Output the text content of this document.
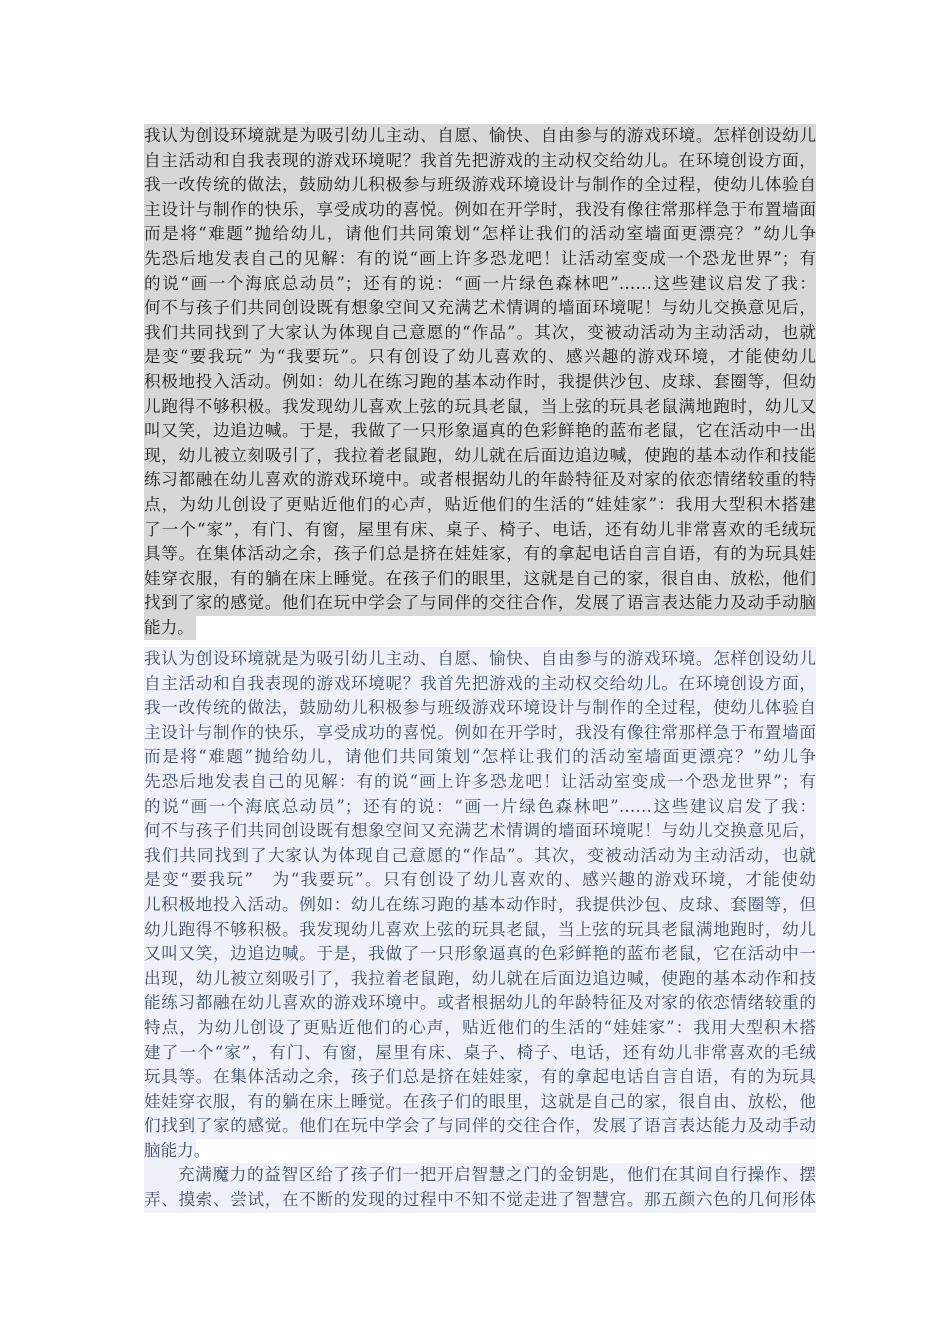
我认为创设环境就是为吸引幼儿主动、自愿、愉快、自由参与的游戏环境。怎样创设幼儿
自主活动和自我表现的游戏环境呢？我首先把游戏的主动权交给幼儿。在环境创设方面，
我一改传统的做法，鼓励幼儿积极参与班级游戏环境设计与制作的全过程，使幼儿体验自
主设计与制作的快乐，享受成功的喜悦。例如在开学时，我没有像往常那样急于布置墙面
而是将“难题”抛给幼儿，请他们共同策划“怎样让我们的活动室墙面更漂亮？”幼儿争
先恐后地发表自己的见解：有的说“画上许多恐龙吧！让活动室变成一个恐龙世界”；有
的说“画一个海底总动员”；还有的说：“画一片绿色森林吧”……这些建议启发了我：
何不与孩子们共同创设既有想象空间又充满艺术情调的墙面环境呢！与幼儿交换意见后，
我们共同找到了大家认为体现自己意愿的“作品”。其次，变被动活动为主动活动，也就
是变“要我玩” 为“我要玩”。只有创设了幼儿喜欢的、感兴趣的游戏环境，才能使幼儿
积极地投入活动。例如：幼儿在练习跑的基本动作时，我提供沙包、皮球、套圈等，但幼
儿跑得不够积极。我发现幼儿喜欢上弦的玩具老鼠，当上弦的玩具老鼠满地跑时，幼儿又
叫又笑，边追边喊。于是，我做了一只形象逼真的色彩鲜艳的蓝布老鼠，它在活动中一出
现，幼儿被立刻吸引了，我拉着老鼠跑，幼儿就在后面边追边喊，使跑的基本动作和技能
练习都融在幼儿喜欢的游戏环境中。或者根据幼儿的年龄特征及对家的依恋情绪较重的特
点，为幼儿创设了更贴近他们的心声，贴近他们的生活的“娃娃家”：我用大型积木搭建
了一个“家”，有门、有窗，屋里有床、桌子、椅子、电话，还有幼儿非常喜欢的毛绒玩
具等。在集体活动之余，孩子们总是挤在娃娃家，有的拿起电话自言自语，有的为玩具娃
娃穿衣服，有的躺在床上睡觉。在孩子们的眼里，这就是自己的家，很自由、放松，他们
找到了家的感觉。他们在玩中学会了与同伴的交往合作，发展了语言表达能力及动手动脑
能力。
我认为创设环境就是为吸引幼儿主动、自愿、愉快、自由参与的游戏环境。怎样创设幼儿
自主活动和自我表现的游戏环境呢？我首先把游戏的主动权交给幼儿。在环境创设方面，
我一改传统的做法，鼓励幼儿积极参与班级游戏环境设计与制作的全过程，使幼儿体验自
主设计与制作的快乐，享受成功的喜悦。例如在开学时，我没有像往常那样急于布置墙面
而是将“难题”抛给幼儿，请他们共同策划“怎样让我们的活动室墙面更漂亮？”幼儿争
先恐后地发表自己的见解：有的说“画上许多恐龙吧！让活动室变成一个恐龙世界”；有
的说“画一个海底总动员”；还有的说：“画一片绿色森林吧”……这些建议启发了我：
何不与孩子们共同创设既有想象空间又充满艺术情调的墙面环境呢！与幼儿交换意见后，
我们共同找到了大家认为体现自己意愿的“作品”。其次，变被动活动为主动活动，也就
是变“要我玩”　为“我要玩”。只有创设了幼儿喜欢的、感兴趣的游戏环境，才能使幼
儿积极地投入活动。例如：幼儿在练习跑的基本动作时，我提供沙包、皮球、套圈等，但
幼儿跑得不够积极。我发现幼儿喜欢上弦的玩具老鼠，当上弦的玩具老鼠满地跑时，幼儿
又叫又笑，边追边喊。于是，我做了一只形象逼真的色彩鲜艳的蓝布老鼠，它在活动中一
出现，幼儿被立刻吸引了，我拉着老鼠跑，幼儿就在后面边追边喊，使跑的基本动作和技
能练习都融在幼儿喜欢的游戏环境中。或者根据幼儿的年龄特征及对家的依恋情绪较重的
特点，为幼儿创设了更贴近他们的心声，贴近他们的生活的“娃娃家”：我用大型积木搭
建了一个“家”，有门、有窗，屋里有床、桌子、椅子、电话，还有幼儿非常喜欢的毛绒
玩具等。在集体活动之余，孩子们总是挤在娃娃家，有的拿起电话自言自语，有的为玩具
娃娃穿衣服，有的躺在床上睡觉。在孩子们的眼里，这就是自己的家，很自由、放松，他
们找到了家的感觉。他们在玩中学会了与同伴的交往合作，发展了语言表达能力及动手动
脑能力。
充满魔力的益智区给了孩子们一把开启智慧之门的金钥匙，他们在其间自行操作、摆
弄、摸索、尝试，在不断的发现的过程中不知不觉走进了智慧宫。那五颜六色的几何形体
